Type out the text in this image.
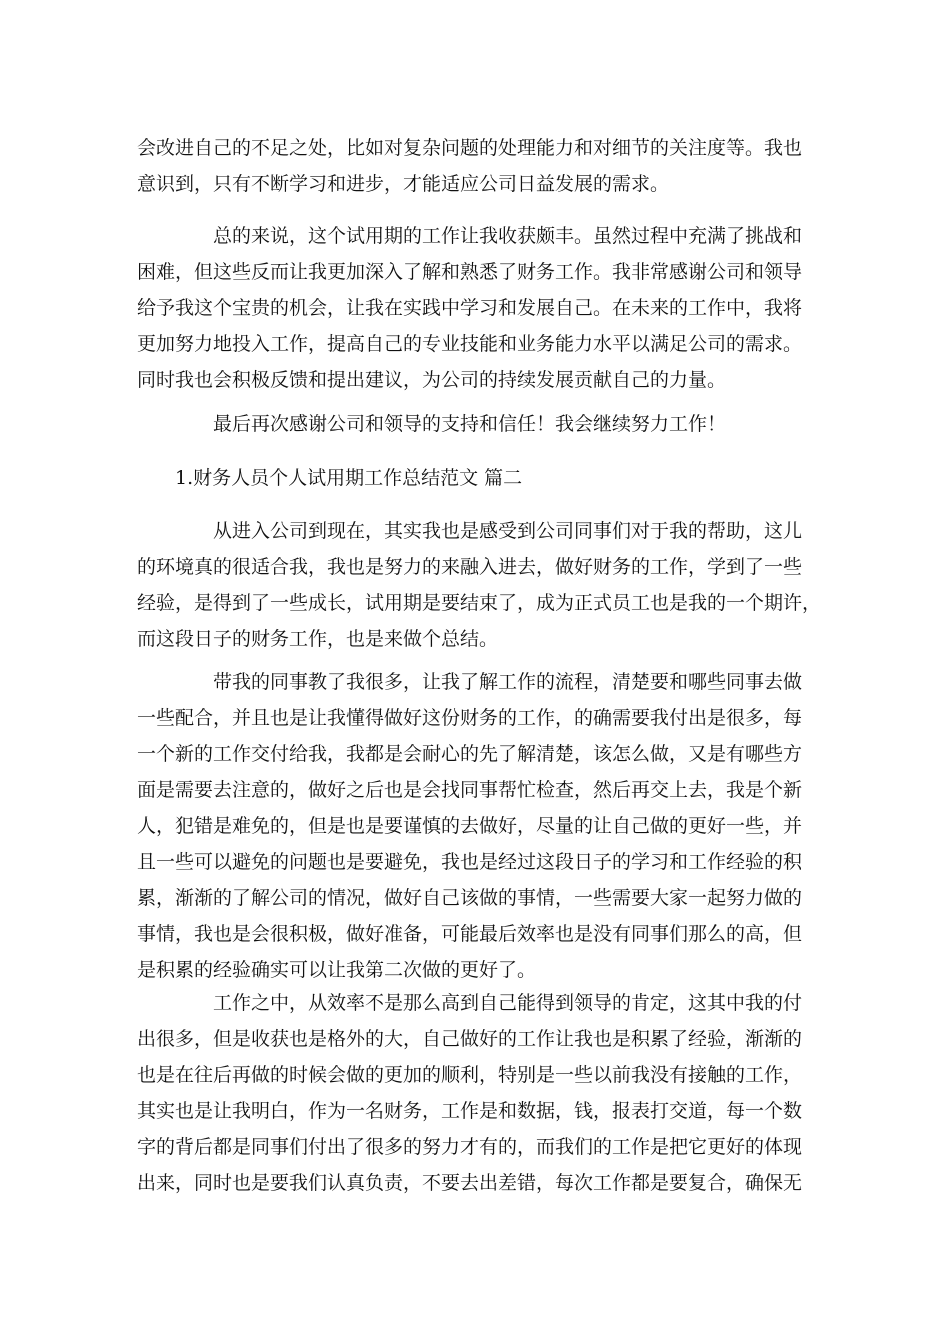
会改进自己的不足之处，比如对复杂问题的处理能力和对细节的关注度等。我也
意识到，只有不断学习和进步，才能适应公司日益发展的需求。
总的来说，这个试用期的工作让我收获颇丰。虽然过程中充满了挑战和
困难，但这些反而让我更加深入了解和熟悉了财务工作。我非常感谢公司和领导
给予我这个宝贵的机会，让我在实践中学习和发展自己。在未来的工作中，我将
更加努力地投入工作，提高自己的专业技能和业务能力水平以满足公司的需求。
同时我也会积极反馈和提出建议，为公司的持续发展贡献自己的力量。
最后再次感谢公司和领导的支持和信任！我会继续努力工作！
1.财务人员个人试用期工作总结范文 篇二
从进入公司到现在，其实我也是感受到公司同事们对于我的帮助，这儿
的环境真的很适合我，我也是努力的来融入进去，做好财务的工作，学到了一些
经验，是得到了一些成长，试用期是要结束了，成为正式员工也是我的一个期许，
而这段日子的财务工作，也是来做个总结。
带我的同事教了我很多，让我了解工作的流程，清楚要和哪些同事去做
一些配合，并且也是让我懂得做好这份财务的工作，的确需要我付出是很多，每
一个新的工作交付给我，我都是会耐心的先了解清楚，该怎么做，又是有哪些方
面是需要去注意的，做好之后也是会找同事帮忙检查，然后再交上去，我是个新
人，犯错是难免的，但是也是要谨慎的去做好，尽量的让自己做的更好一些，并
且一些可以避免的问题也是要避免，我也是经过这段日子的学习和工作经验的积
累，渐渐的了解公司的情况，做好自己该做的事情，一些需要大家一起努力做的
事情，我也是会很积极，做好准备，可能最后效率也是没有同事们那么的高，但
是积累的经验确实可以让我第二次做的更好了。
工作之中，从效率不是那么高到自己能得到领导的肯定，这其中我的付
出很多，但是收获也是格外的大，自己做好的工作让我也是积累了经验，渐渐的
也是在往后再做的时候会做的更加的顺利，特别是一些以前我没有接触的工作，
其实也是让我明白，作为一名财务，工作是和数据，钱，报表打交道，每一个数
字的背后都是同事们付出了很多的努力才有的，而我们的工作是把它更好的体现
出来，同时也是要我们认真负责，不要去出差错，每次工作都是要复合，确保无
